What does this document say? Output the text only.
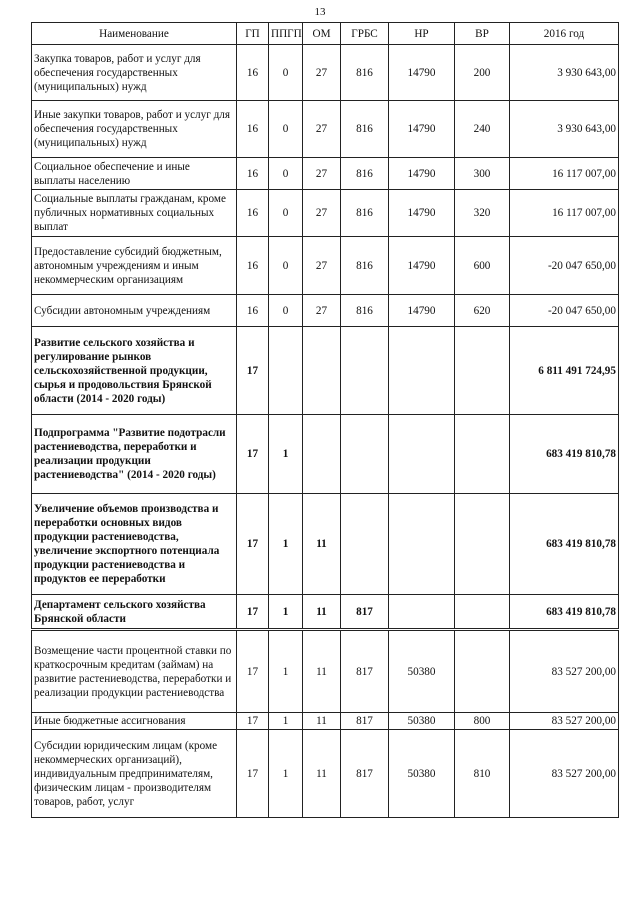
13
Наименование	ГП	ППГП	ОМ	ГРБС	НР	ВР	2016 год
Закупка товаров, работ и услуг для обеспечения государственных (муниципальных) нужд	16	0	27	816	14790	200	3 930 643,00
Иные закупки товаров, работ и услуг для обеспечения государственных (муниципальных) нужд	16	0	27	816	14790	240	3 930 643,00
Социальное обеспечение и иные выплаты населению	16	0	27	816	14790	300	16 117 007,00
Социальные выплаты гражданам, кроме публичных нормативных социальных выплат	16	0	27	816	14790	320	16 117 007,00
Предоставление субсидий бюджетным, автономным учреждениям и иным некоммерческим организациям	16	0	27	816	14790	600	-20 047 650,00
Субсидии автономным учреждениям	16	0	27	816	14790	620	-20 047 650,00
Развитие сельского хозяйства и регулирование рынков сельскохозяйственной продукции, сырья и продовольствия Брянской области (2014 - 2020 годы)	17						6 811 491 724,95
Подпрограмма "Развитие подотрасли растениеводства, переработки и реализации продукции растениеводства" (2014 - 2020 годы)	17	1					683 419 810,78
Увеличение объемов производства и переработки основных видов продукции растениеводства, увеличение экспортного потенциала продукции растениеводства и продуктов ее переработки	17	1	11				683 419 810,78
Департамент сельского хозяйства Брянской области	17	1	11	817			683 419 810,78
Возмещение части процентной ставки по краткосрочным кредитам (займам) на развитие растениеводства, переработки и реализации продукции растениеводства	17	1	11	817	50380		83 527 200,00
Иные бюджетные ассигнования	17	1	11	817	50380	800	83 527 200,00
Субсидии юридическим лицам (кроме некоммерческих организаций), индивидуальным предпринимателям, физическим лицам - производителям товаров, работ, услуг	17	1	11	817	50380	810	83 527 200,00
